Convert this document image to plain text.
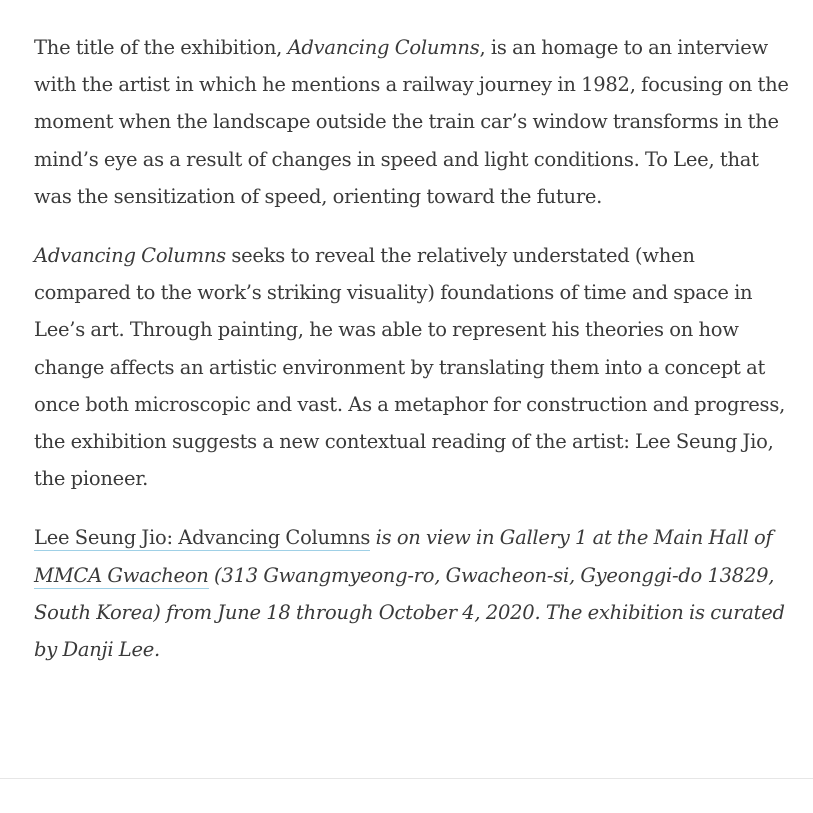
The title of the exhibition, Advancing Columns, is an homage to an interview with the artist in which he mentions a railway journey in 1982, focusing on the moment when the landscape outside the train car’s window transforms in the mind’s eye as a result of changes in speed and light conditions. To Lee, that was the sensitization of speed, orienting toward the future.

Advancing Columns seeks to reveal the relatively understated (when compared to the work’s striking visuality) foundations of time and space in Lee’s art. Through painting, he was able to represent his theories on how change affects an artistic environment by translating them into a concept at once both microscopic and vast. As a metaphor for construction and progress, the exhibition suggests a new contextual reading of the artist: Lee Seung Jio, the pioneer.

Lee Seung Jio: Advancing Columns is on view in Gallery 1 at the Main Hall of MMCA Gwacheon (313 Gwangmyeong-ro, Gwacheon-si, Gyeonggi-do 13829, South Korea) from June 18 through October 4, 2020. The exhibition is curated by Danji Lee.
